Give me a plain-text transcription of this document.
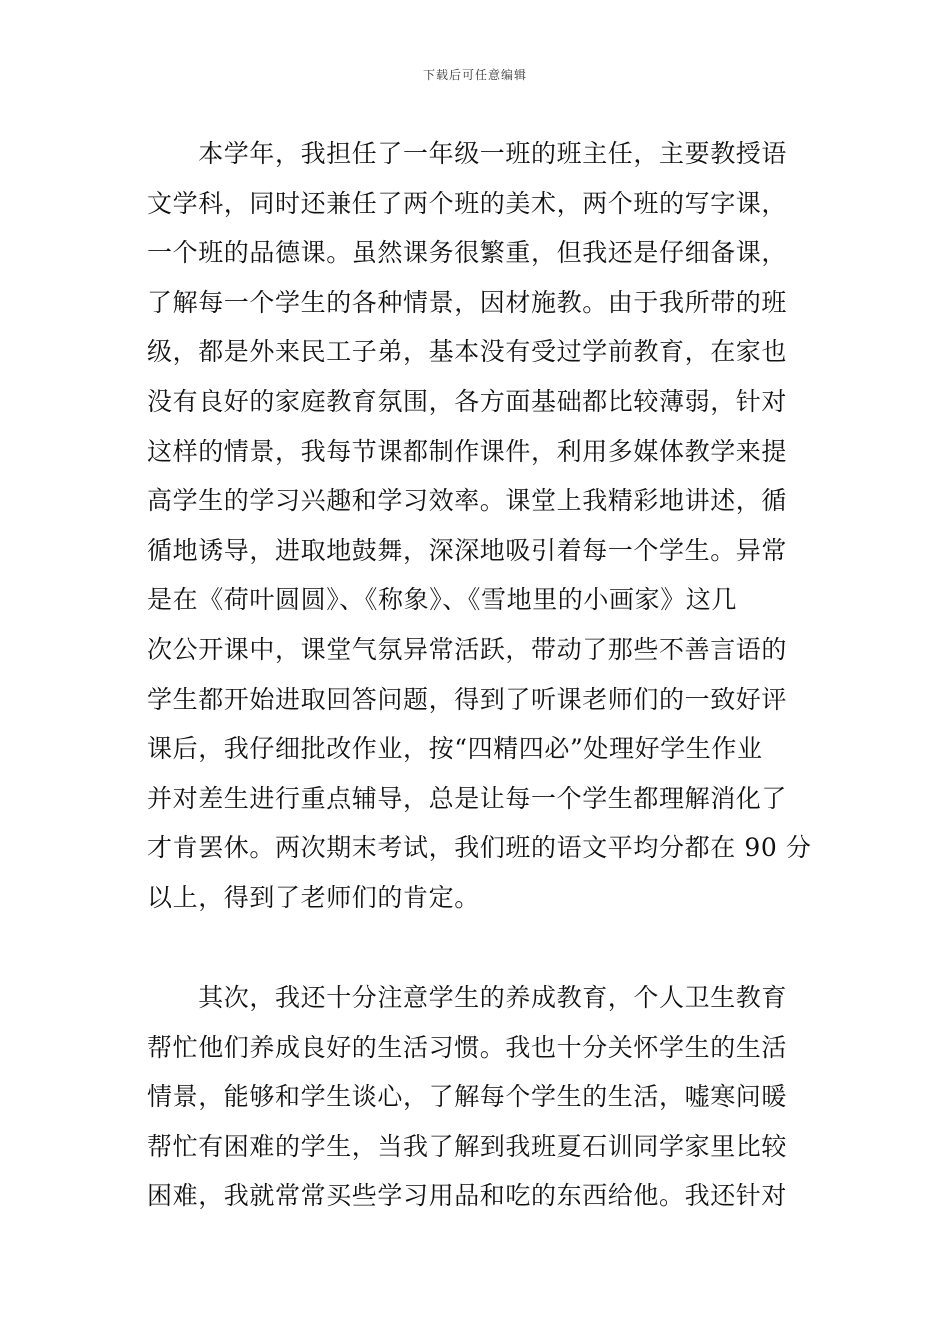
下载后可任意编辑
　　本学年，我担任了一年级一班的班主任，主要教授语
文学科，同时还兼任了两个班的美术，两个班的写字课，
一个班的品德课。虽然课务很繁重，但我还是仔细备课，
了解每一个学生的各种情景，因材施教。由于我所带的班
级，都是外来民工子弟，基本没有受过学前教育，在家也
没有良好的家庭教育氛围，各方面基础都比较薄弱，针对
这样的情景，我每节课都制作课件，利用多媒体教学来提
高学生的学习兴趣和学习效率。课堂上我精彩地讲述，循
循地诱导，进取地鼓舞，深深地吸引着每一个学生。异常
是在《荷叶圆圆》、《称象》、《雪地里的小画家》这几
次公开课中，课堂气氛异常活跃，带动了那些不善言语的
学生都开始进取回答问题，得到了听课老师们的一致好评
课后，我仔细批改作业，按“四精四必”处理好学生作业
并对差生进行重点辅导，总是让每一个学生都理解消化了
才肯罢休。两次期末考试，我们班的语文平均分都在 90 分
以上，得到了老师们的肯定。
　　其次，我还十分注意学生的养成教育，个人卫生教育
帮忙他们养成良好的生活习惯。我也十分关怀学生的生活
情景，能够和学生谈心，了解每个学生的生活，嘘寒问暖
帮忙有困难的学生，当我了解到我班夏石训同学家里比较
困难，我就常常买些学习用品和吃的东西给他。我还针对
